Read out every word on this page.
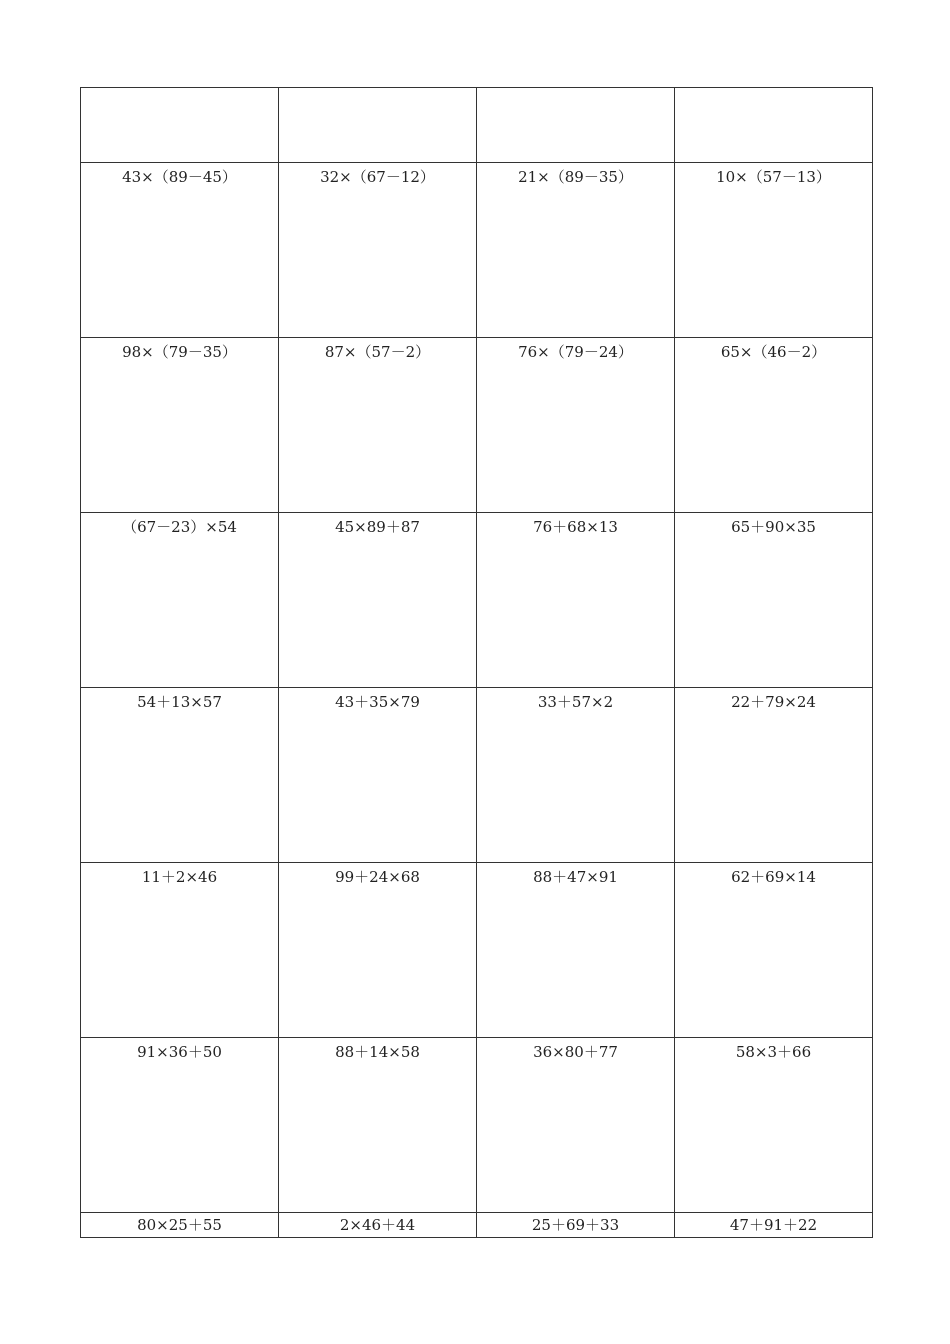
43×（89－45）	32×（67－12）	21×（89－35）	10×（57－13）
98×（79－35）	87×（57－2）	76×（79－24）	65×（46－2）
（67－23）×54	45×89＋87	76＋68×13	65＋90×35
54＋13×57	43＋35×79	33＋57×2	22＋79×24
11＋2×46	99＋24×68	88＋47×91	62＋69×14
91×36＋50	88＋14×58	36×80＋77	58×3＋66
80×25＋55	2×46＋44	25＋69＋33	47＋91＋22
